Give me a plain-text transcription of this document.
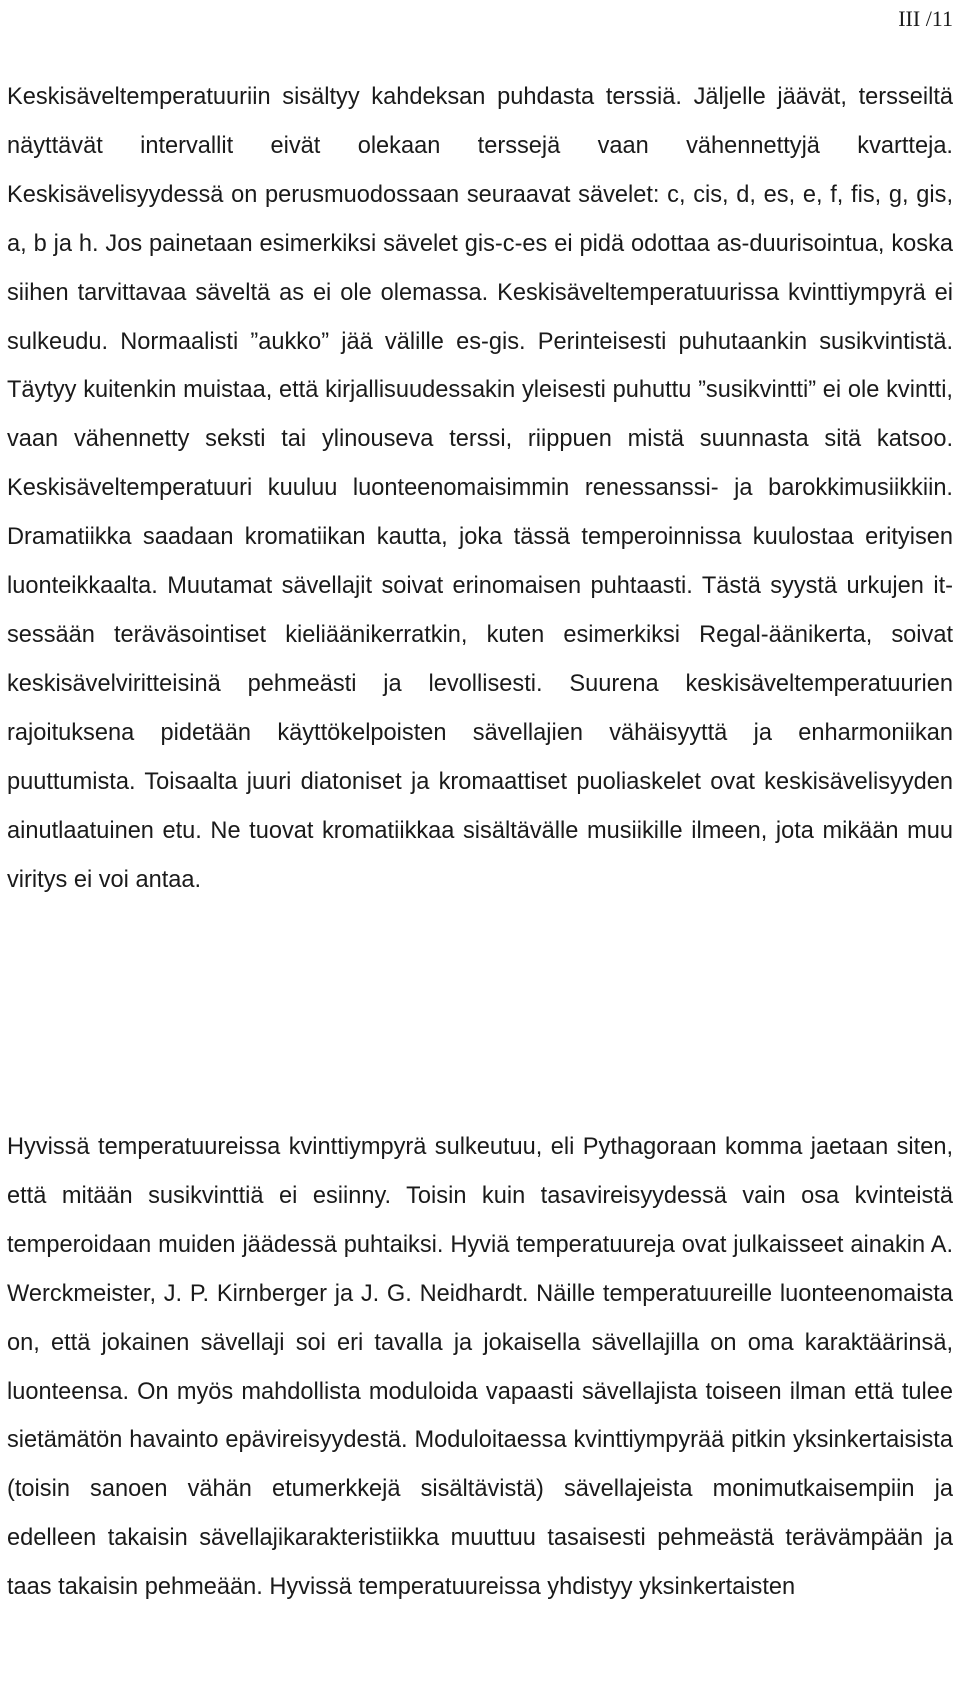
III /11

Keskisäveltemperatuuriin sisältyy kahdeksan puhdasta terssiä. Jäljelle jäävät, tersseiltä näyttävät intervallit eivät olekaan terssejä vaan vähennettyjä kvartteja. Keskisävelisyydessä on perusmuodossaan seuraavat sävelet: c, cis, d, es, e, f, fis, g, gis, a, b ja h. Jos painetaan esimerkiksi sävelet gis-c-es ei pidä odottaa as-duurisointua, koska siihen tarvittavaa säveltä as ei ole olemassa. Keskisäveltemperatuurissa kvinttiympyrä ei sulkeudu. Normaalisti ”aukko” jää välille es-gis. Perinteisesti puhutaankin susikvintistä. Täytyy kuitenkin muistaa, että kirjallisuudessakin yleisesti puhuttu ”susikvintti” ei ole kvintti, vaan vähennetty seksti tai ylinouseva terssi, riippuen mistä suunnasta sitä katsoo. Keskisäveltemperatuuri kuuluu luonteenomaisimmin renessanssi- ja barokkimusiikkiin. Dramatiikka saadaan kromatiikan kautta, joka tässä temperoinnissa kuulostaa erityisen luonteikkaalta. Muutamat sävellajit soivat erinomaisen puhtaasti. Tästä syystä urkujen itsessään teräväsointiset kieliäänikerratkin, kuten esimerkiksi Regal-äänikerta, soivat keskisävelviritteisinä pehmeästi ja levollisesti. Suurena keskisäveltemperatuurien rajoituksena pidetään käyttökelpoisten sävellajien vähäisyyttä ja enharmoniikan puuttumista. Toisaalta juuri diatoniset ja kromaattiset puoliaskelet ovat keskisävelisyyden ainutlaatuinen etu. Ne tuovat kromatiikkaa sisältävälle musiikille ilmeen, jota mikään muu viritys ei voi antaa.

Hyvissä temperatuureissa kvinttiympyrä sulkeutuu, eli Pythagoraan komma jaetaan siten, että mitään susikvinttiä ei esiinny. Toisin kuin tasavireisyydessä vain osa kvinteistä temperoidaan muiden jäädessä puhtaiksi. Hyviä temperatuureja ovat julkaisseet ainakin A. Werckmeister, J. P. Kirnberger ja J. G. Neidhardt. Näille temperatuureille luonteenomaista on, että jokainen sävellaji soi eri tavalla ja jokaisella sävellajilla on oma karaktäärinsä, luonteensa. On myös mahdollista moduloida vapaasti sävellajista toiseen ilman että tulee sietämätön havainto epävireisyydestä. Moduloitaessa kvinttiympyrää pitkin yksinkertaisista (toisin sanoen vähän etumerkkejä sisältävistä) sävellajeista monimutkaisempiin ja edelleen takaisin sävellajikarakteristiikka muuttuu tasaisesti pehmeästä terävämpään ja taas takaisin pehmeään. Hyvissä temperatuureissa yhdistyy yksinkertaisten
